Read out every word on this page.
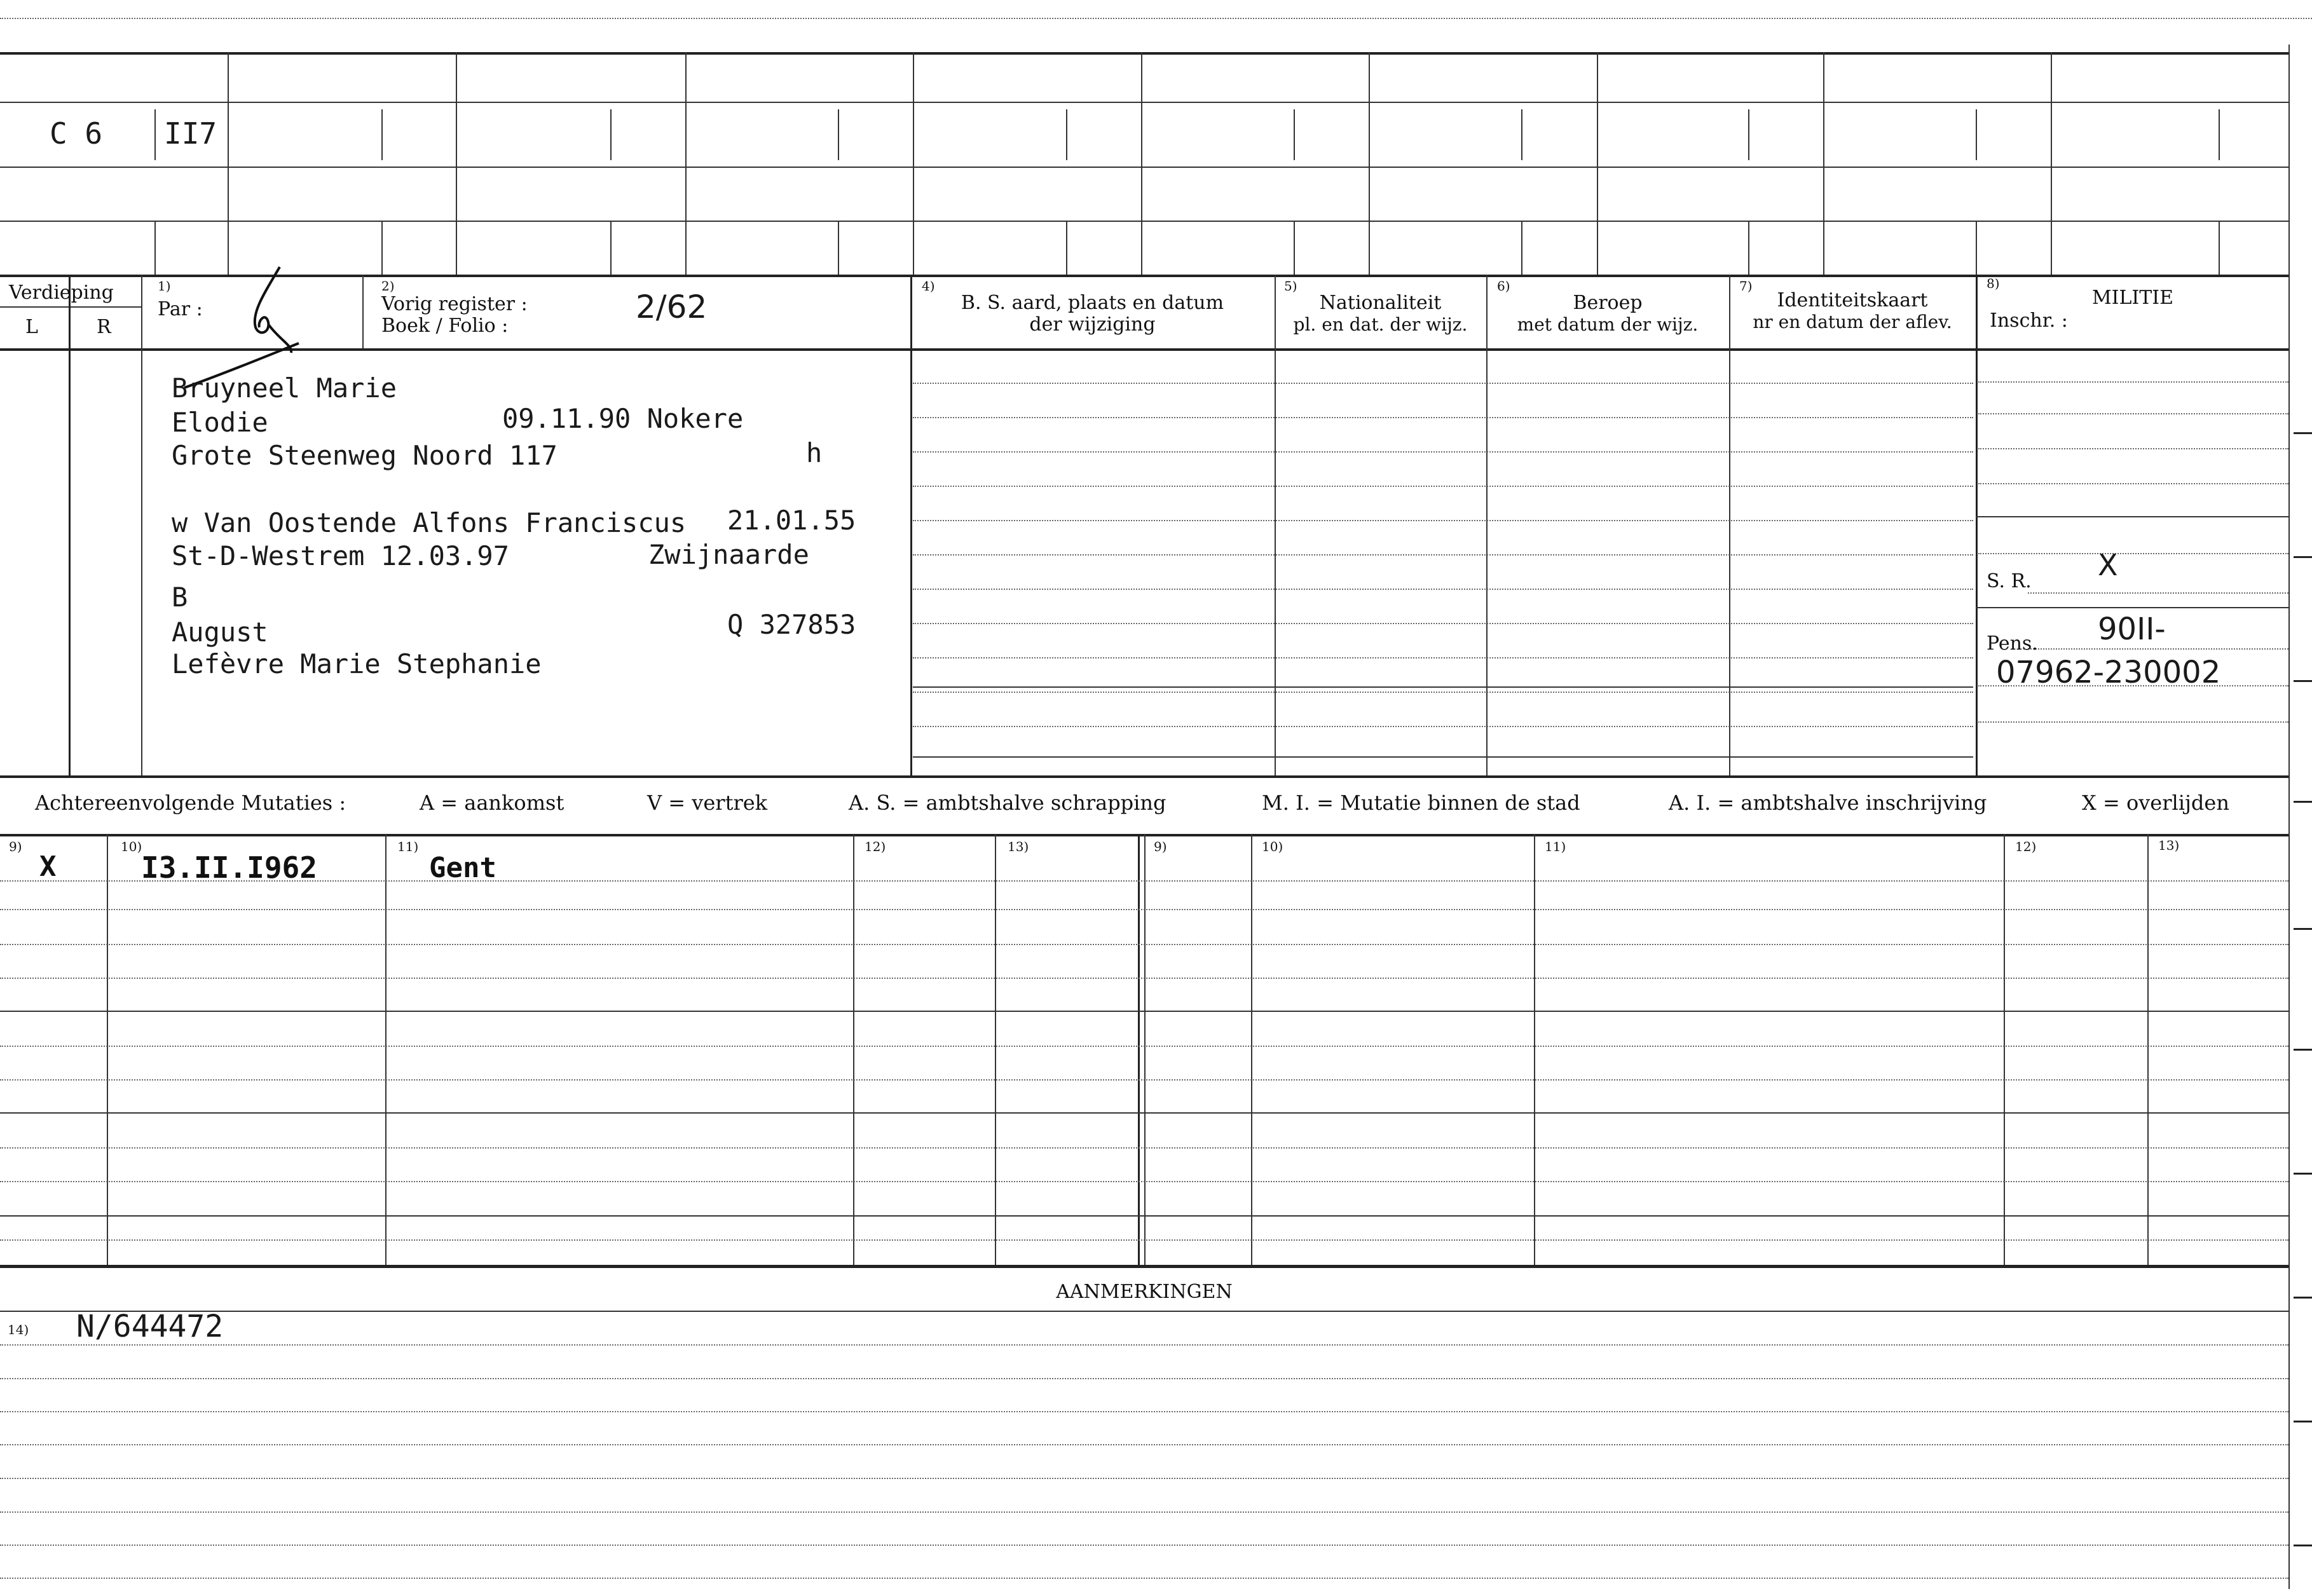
C 6 II7
Verdieping
L	R
1)
Par :
2)
Vorig register :
Boek / Folio :
2/62
4)
B. S. aard, plaats en datum
der wijziging
5)
Nationaliteit
pl. en dat. der wijz.
6)
Beroep
met datum der wijz.
7)
Identiteitskaart
nr en datum der aflev.
8)
MILITIE
Inschr. :
Bruyneel Marie
Elodie	09.11.90 Nokere
Grote Steenweg Noord 117	h
w Van Oostende Alfons Franciscus 21.01.55
St-D-Westrem 12.03.97	Zwijnaarde
B
August	Q 327853
Lefèvre Marie Stephanie
S. R. X
Pens. 90II-
07962-230002
Achtereenvolgende Mutaties :	A = aankomst	V = vertrek	A. S. = ambtshalve schrapping	M. I. = Mutatie binnen de stad	A. I. = ambtshalve inschrijving	X = overlijden
9)	10)	11)	12)	13)	9)	10)	11)	12)	13)
X	I3.II.I962	Gent
AANMERKINGEN
14) N/644472
